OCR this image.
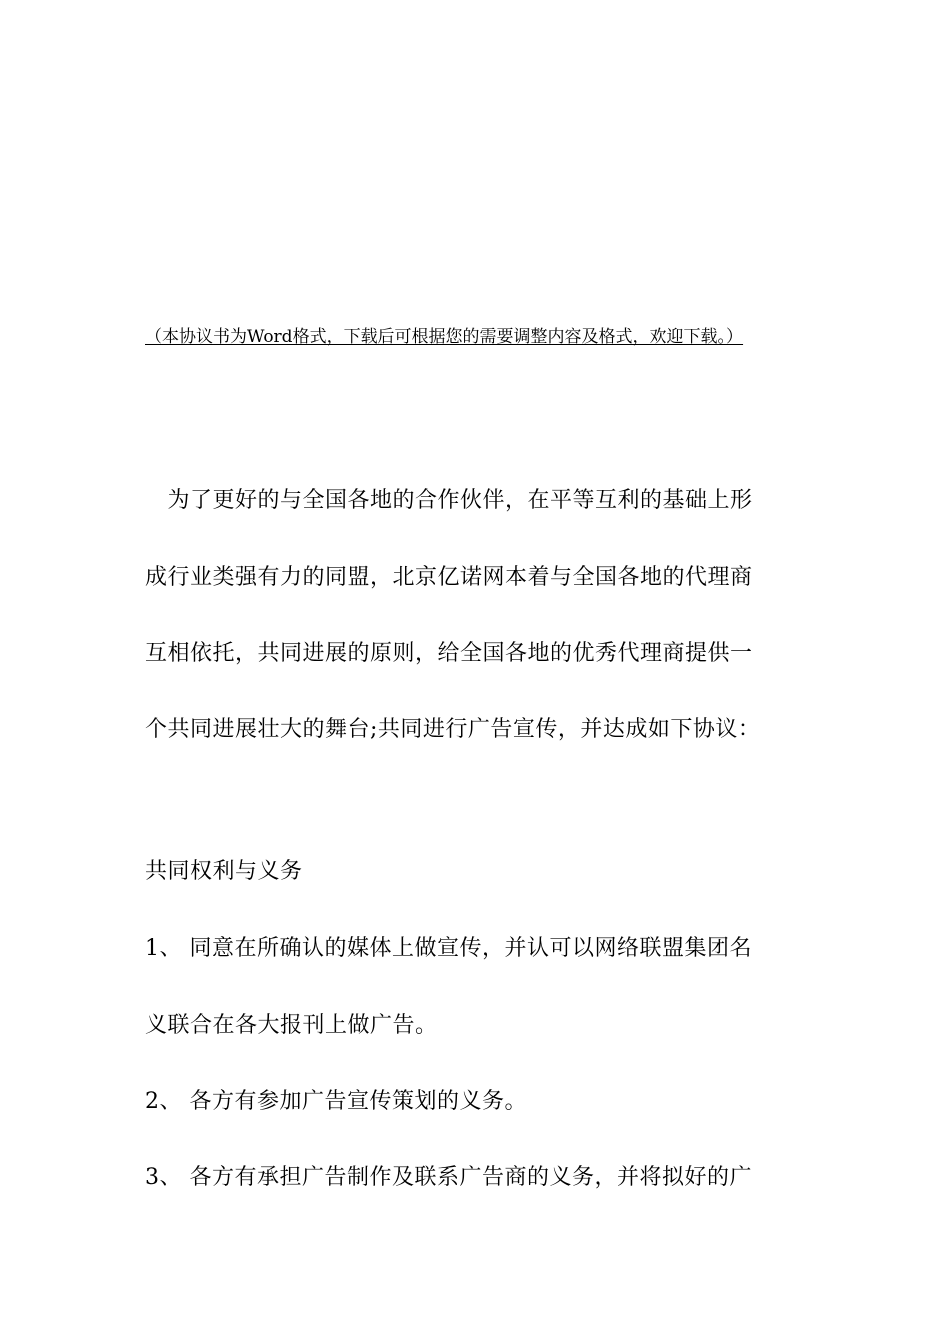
（本协议书为Word格式，下载后可根据您的需要调整内容及格式，欢迎下载。）
　为了更好的与全国各地的合作伙伴，在平等互利的基础上形
成行业类强有力的同盟，北京亿诺网本着与全国各地的代理商
互相依托，共同进展的原则，给全国各地的优秀代理商提供一
个共同进展壮大的舞台;共同进行广告宣传，并达成如下协议：
共同权利与义务
1、 同意在所确认的媒体上做宣传，并认可以网络联盟集团名
义联合在各大报刊上做广告。
2、 各方有参加广告宣传策划的义务。
3、 各方有承担广告制作及联系广告商的义务，并将拟好的广
